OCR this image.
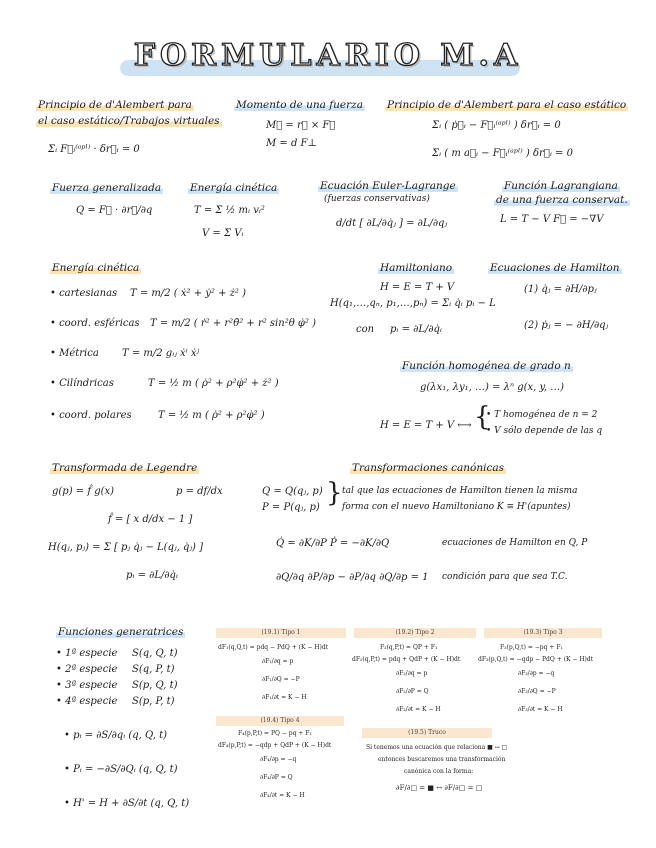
FORMULARIO M.A
Principio de d'Alembert para
el caso estático/Trabajos virtuales
Σᵢ F⃗ᵢ⁽ᵃᵖˡ⁾ · δr⃗ᵢ = 0
Momento de una fuerza
M⃗ = r⃗ × F⃗
M = d F⊥
Principio de d'Alembert para el caso estático
Σᵢ ( ṗ⃗ᵢ − F⃗ᵢ⁽ᵃᵖˡ⁾ ) δr⃗ᵢ = 0
Σᵢ ( m a⃗ᵢ − F⃗ᵢ⁽ᵃᵖˡ⁾ ) δr⃗ᵢ = 0
Fuerza generalizada
Q = F⃗ · ∂r⃗/∂q
Energía cinética
T = Σ ½ mᵢ vᵢ²
V = Σ Vᵢ
Ecuación Euler-Lagrange
(fuerzas conservativas)
d/dt [ ∂L/∂q̇ⱼ ] = ∂L/∂qⱼ
Función Lagrangiana
de una fuerza conservat.
L = T − V F⃗ = −∇V
Energía cinética
• cartesianas T = m/2 ( ẋ² + ẏ² + ż² )
• coord. esféricas T = m/2 ( ṙ² + r²θ̇² + r² sin²θ φ̇² )
• Métrica T = m/2 gᵢⱼ ẋⁱ ẋʲ
• Cilíndricas	T = ½ m ( ρ̇² + ρ²φ̇² + ż² )
• coord. polares	T = ½ m ( ρ̇² + ρ²φ̇² )
Hamiltoniano
H = E = T + V
H(q₁,…,qₙ, p₁,…,pₙ) = Σᵢ q̇ᵢ pᵢ − L
con pᵢ = ∂L/∂q̇ᵢ
Ecuaciones de Hamilton
(1) q̇ⱼ = ∂H/∂pⱼ
(2) ṗⱼ = − ∂H/∂qⱼ
Función homogénea de grado n
g(λx₁, λy₁, …) = λⁿ g(x, y, …)
H = E = T + V ⟷ {
• T homogénea de n = 2
• V sólo depende de las q
Transformada de Legendre
g(p) = f̂ g(x)	p = df/dx
f̂ = [ x d/dx − 1 ]
H(qⱼ, pⱼ) = Σ [ pⱼ q̇ⱼ − L(qⱼ, q̇ⱼ) ]
pᵢ = ∂L/∂q̇ᵢ
Transformaciones canónicas
Q = Q(qⱼ, p)
P = P(qⱼ, p) } tal que las ecuaciones de Hamilton tienen la misma
forma con el nuevo Hamiltoniano K ≡ H'(apuntes)
Q̇ = ∂K/∂P Ṗ = −∂K/∂Q	ecuaciones de Hamilton en Q, P
∂Q/∂q ∂P/∂p − ∂P/∂q ∂Q/∂p = 1 condición para que sea T.C.
Funciones generatrices
• 1ª especie S(q, Q, t)
• 2ª especie S(q, P, t)
• 3ª especie S(p, Q, t)
• 4ª especie S(p, P, t)
• pᵢ = ∂S/∂qᵢ (q, Q, t)
• Pᵢ = −∂S/∂Qᵢ (q, Q, t)
• H' = H + ∂S/∂t (q, Q, t)
(19.1) Tipo 1
dF₁(q,Q,t) = pdq − PdQ + (K − H)dt
∂F₁/∂q = p
∂F₁/∂Q = −P
∂F₁/∂t = K − H
(19.2) Tipo 2
F₂(q,P,t) = QP + F₁
dF₂(q,P,t) = pdq + QdP + (K − H)dt
∂F₂/∂q = p
∂F₂/∂P = Q
∂F₂/∂t = K − H
(19.3) Tipo 3
F₃(p,Q,t) = −pq + F₁
dF₃(p,Q,t) = −qdp − PdQ + (K − H)dt
∂F₃/∂p = −q
∂F₃/∂Q = −P
∂F₃/∂t = K − H
(19.4) Tipo 4
F₄(p,P,t) = PQ − pq + F₁
dF₄(p,P,t) = −qdp + QdP + (K − H)dt
∂F₄/∂p = −q
∂F₄/∂P = Q
∂F₄/∂t = K − H
(19.5) Truco
Si tenemos una ecuación que relaciona ■ ↔ □
entonces buscaremos una transformación
canónica con la forma:
∂F/∂□ = ■ ↔ ∂F/∂□ = □
